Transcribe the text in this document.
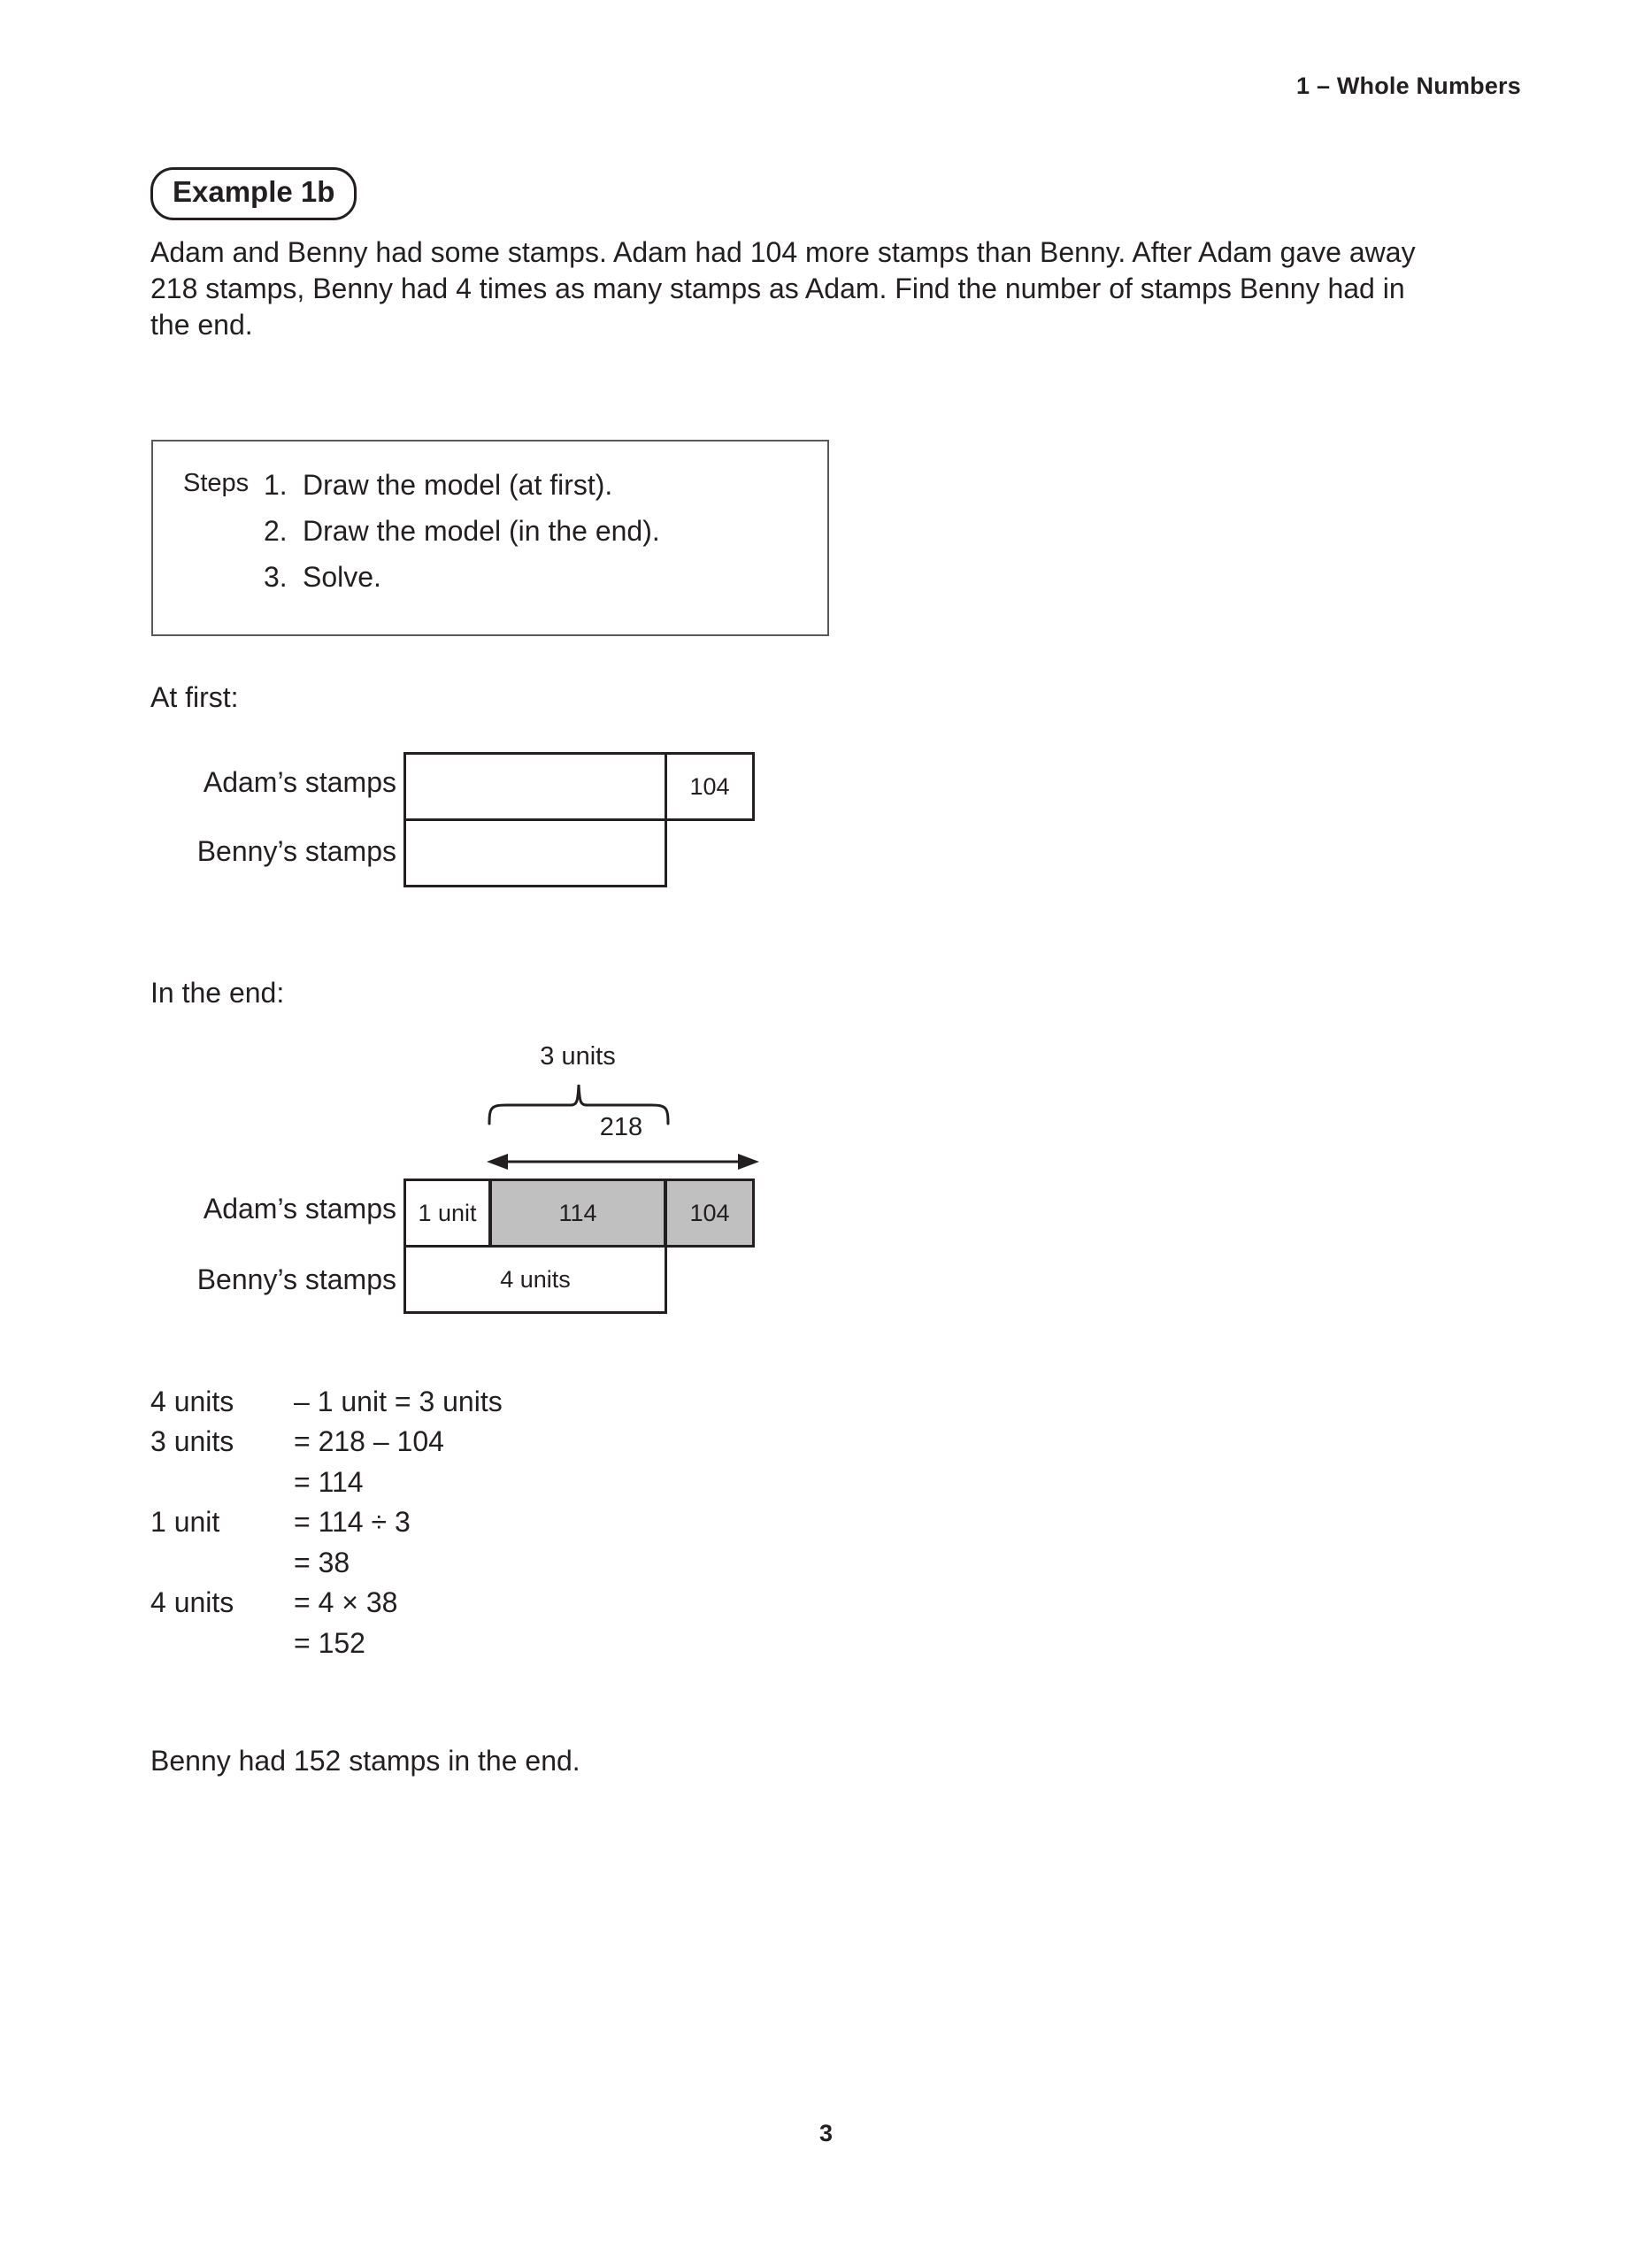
1 – Whole Numbers
Example 1b
Adam and Benny had some stamps. Adam had 104 more stamps than Benny. After Adam gave away 218 stamps, Benny had 4 times as many stamps as Adam. Find the number of stamps Benny had in the end.
Steps 1. Draw the model (at first).
2. Draw the model (in the end).
3. Solve.
At first:
Adam’s stamps
Benny’s stamps
104
In the end:
3 units
218
Adam’s stamps
Benny’s stamps
1 unit	114	104
4 units
4 units	– 1 unit = 3 units
3 units	= 218 – 104
= 114
1 unit	= 114 ÷ 3
= 38
4 units	= 4 × 38
= 152
Benny had 152 stamps in the end.
3
